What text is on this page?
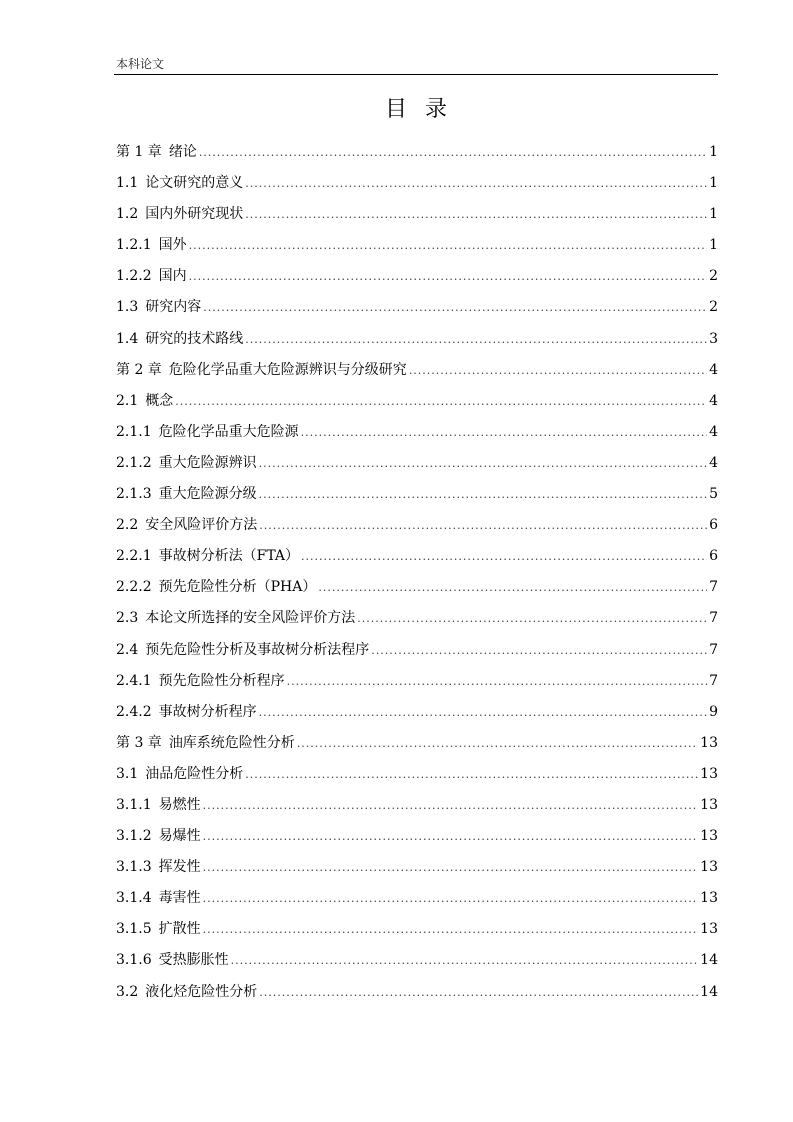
本科论文
目录
第 1 章 绪论 .....	1
1.1 论文研究的意义 .....	1
1.2 国内外研究现状 .....	1
1.2.1 国外 .....	1
1.2.2 国内 .....	2
1.3 研究内容 .....	2
1.4 研究的技术路线 .....	3
第 2 章 危险化学品重大危险源辨识与分级研究 .....	4
2.1 概念 .....	4
2.1.1 危险化学品重大危险源 .....	4
2.1.2 重大危险源辨识 .....	4
2.1.3 重大危险源分级 .....	5
2.2 安全风险评价方法 .....	6
2.2.1 事故树分析法（FTA） .....	6
2.2.2 预先危险性分析（PHA） .....	7
2.3 本论文所选择的安全风险评价方法 .....	7
2.4 预先危险性分析及事故树分析法程序 .....	7
2.4.1 预先危险性分析程序 .....	7
2.4.2 事故树分析程序 .....	9
第 3 章 油库系统危险性分析 .....	13
3.1 油品危险性分析 .....	13
3.1.1 易燃性 .....	13
3.1.2 易爆性 .....	13
3.1.3 挥发性 .....	13
3.1.4 毒害性 .....	13
3.1.5 扩散性 .....	13
3.1.6 受热膨胀性 .....	14
3.2 液化烃危险性分析 .....	14
